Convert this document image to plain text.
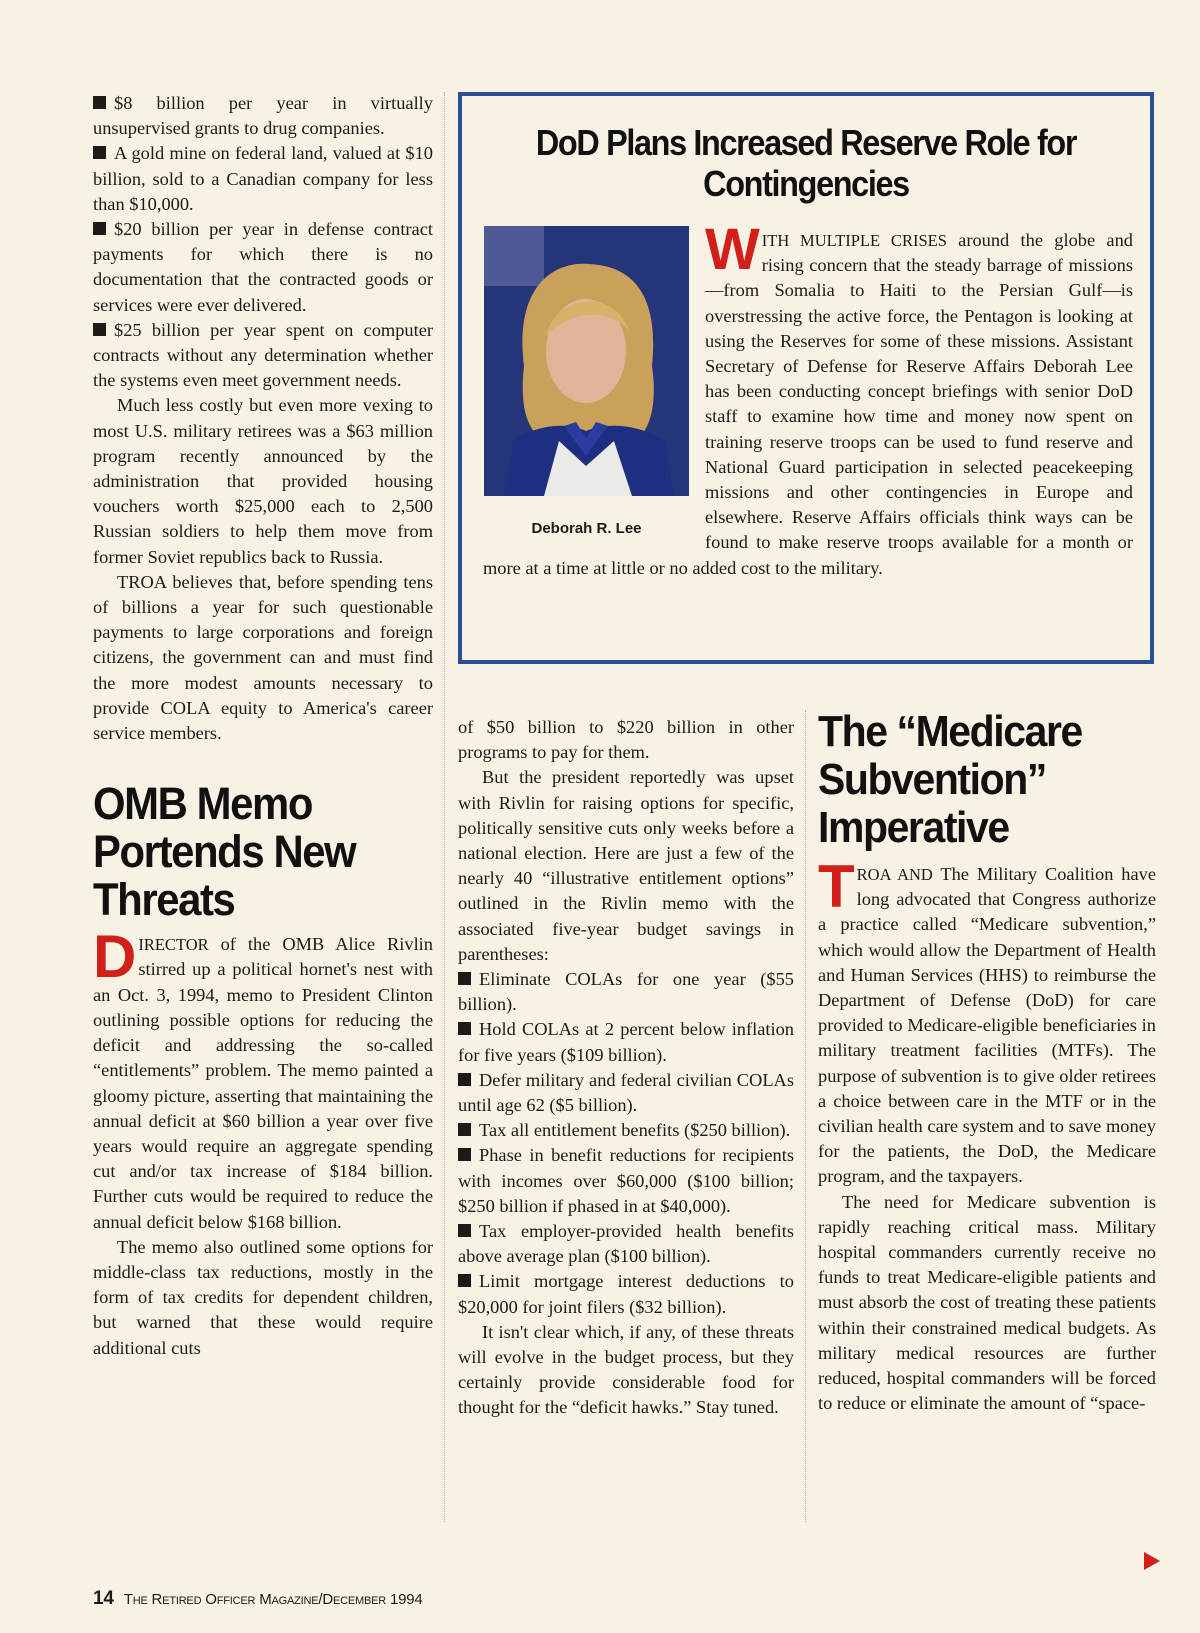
$8 billion per year in virtually unsupervised grants to drug companies.

A gold mine on federal land, valued at $10 billion, sold to a Canadian company for less than $10,000.

$20 billion per year in defense contract payments for which there is no documentation that the contracted goods or services were ever delivered.

$25 billion per year spent on computer contracts without any determination whether the systems even meet government needs.

Much less costly but even more vexing to most U.S. military retirees was a $63 million program recently announced by the administration that provided housing vouchers worth $25,000 each to 2,500 Russian soldiers to help them move from former Soviet republics back to Russia.

TROA believes that, before spending tens of billions a year for such questionable payments to large corporations and foreign citizens, the government can and must find the more modest amounts necessary to provide COLA equity to America's career service members.

OMB Memo Portends New Threats

DIRECTOR of the OMB Alice Rivlin stirred up a political hornet's nest with an Oct. 3, 1994, memo to President Clinton outlining possible options for reducing the deficit and addressing the so-called “entitlements” problem. The memo painted a gloomy picture, asserting that maintaining the annual deficit at $60 billion a year over five years would require an aggregate spending cut and/or tax increase of $184 billion. Further cuts would be required to reduce the annual deficit below $168 billion.

The memo also outlined some options for middle-class tax reductions, mostly in the form of tax credits for dependent children, but warned that these would require additional cuts

DoD Plans Increased Reserve Role for Contingencies
Deborah R. Lee

WITH MULTIPLE CRISES around the globe and rising concern that the steady barrage of missions—from Somalia to Haiti to the Persian Gulf—is overstressing the active force, the Pentagon is looking at using the Reserves for some of these missions. Assistant Secretary of Defense for Reserve Affairs Deborah Lee has been conducting concept briefings with senior DoD staff to examine how time and money now spent on training reserve troops can be used to fund reserve and National Guard participation in selected peacekeeping missions and other contingencies in Europe and elsewhere. Reserve Affairs officials think ways can be found to make reserve troops available for a month or more at a time at little or no added cost to the military.

of $50 billion to $220 billion in other programs to pay for them.

But the president reportedly was upset with Rivlin for raising options for specific, politically sensitive cuts only weeks before a national election. Here are just a few of the nearly 40 “illustrative entitlement options” outlined in the Rivlin memo with the associated five-year budget savings in parentheses:

Eliminate COLAs for one year ($55 billion).

Hold COLAs at 2 percent below inflation for five years ($109 billion).

Defer military and federal civilian COLAs until age 62 ($5 billion).

Tax all entitlement benefits ($250 billion).

Phase in benefit reductions for recipients with incomes over $60,000 ($100 billion; $250 billion if phased in at $40,000).

Tax employer-provided health benefits above average plan ($100 billion).

Limit mortgage interest deductions to $20,000 for joint filers ($32 billion).

It isn't clear which, if any, of these threats will evolve in the budget process, but they certainly provide considerable food for thought for the “deficit hawks.” Stay tuned.

The “Medicare Subvention” Imperative

TROA AND The Military Coalition have long advocated that Congress authorize a practice called “Medicare subvention,” which would allow the Department of Health and Human Services (HHS) to reimburse the Department of Defense (DoD) for care provided to Medicare-eligible beneficiaries in military treatment facilities (MTFs). The purpose of subvention is to give older retirees a choice between care in the MTF or in the civilian health care system and to save money for the patients, the DoD, the Medicare program, and the taxpayers.

The need for Medicare subvention is rapidly reaching critical mass. Military hospital commanders currently receive no funds to treat Medicare-eligible patients and must absorb the cost of treating these patients within their constrained medical budgets. As military medical resources are further reduced, hospital commanders will be forced to reduce or eliminate the amount of “space-

14 The Retired Officer Magazine/December 1994
